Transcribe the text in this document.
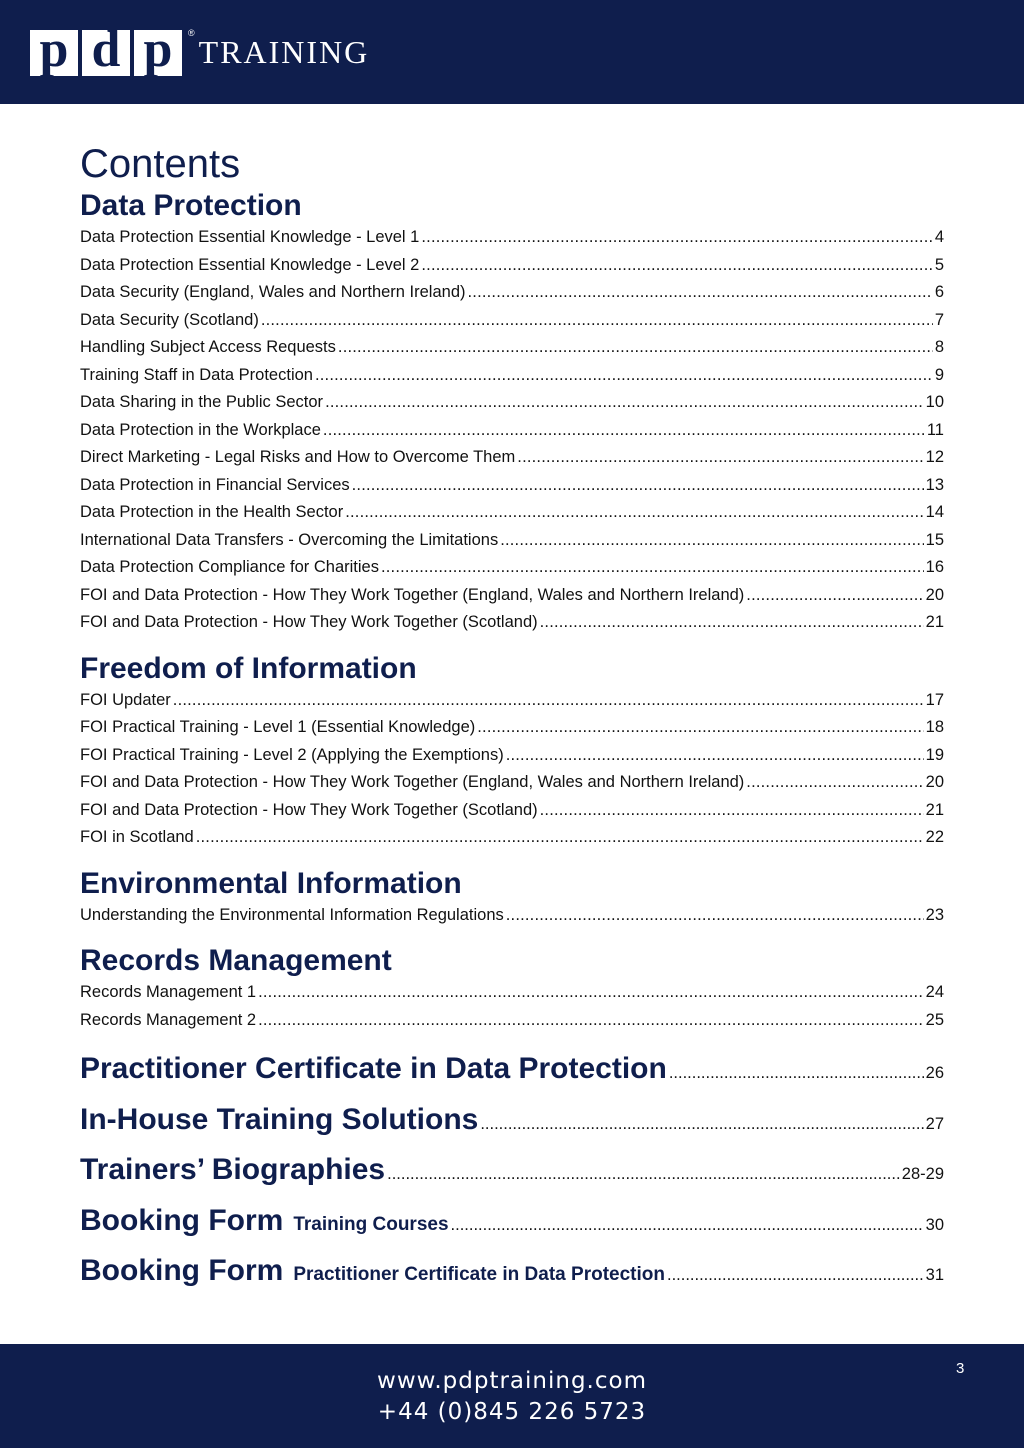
p d p	®
TRAINING
Contents
Data Protection
Data Protection Essential Knowledge - Level 1 .....	4
Data Protection Essential Knowledge - Level 2 .....	5
Data Security (England, Wales and Northern Ireland) .....	6
Data Security (Scotland) .....	7
Handling Subject Access Requests .....	8
Training Staff in Data Protection .....	9
Data Sharing in the Public Sector .....	10
Data Protection in the Workplace .....	11
Direct Marketing - Legal Risks and How to Overcome Them .....	12
Data Protection in Financial Services .....	13
Data Protection in the Health Sector .....	14
International Data Transfers - Overcoming the Limitations .....	15
Data Protection Compliance for Charities .....	16
FOI and Data Protection - How They Work Together (England, Wales and Northern Ireland) .....	20
FOI and Data Protection - How They Work Together (Scotland) .....	21
Freedom of Information
FOI Updater .....	17
FOI Practical Training - Level 1 (Essential Knowledge) .....	18
FOI Practical Training - Level 2 (Applying the Exemptions) .....	19
FOI and Data Protection - How They Work Together (England, Wales and Northern Ireland) .....	20
FOI and Data Protection - How They Work Together (Scotland) .....	21
FOI in Scotland .....	22
Environmental Information
Understanding the Environmental Information Regulations .....	23
Records Management
Records Management 1 .....	24
Records Management 2 .....	25
Practitioner Certificate in Data Protection .....	26
In-House Training Solutions .....	27
Trainers’ Biographies .....	28-29
Booking Form Training Courses .....	30
Booking Form Practitioner Certificate in Data Protection .....	31
www.pdptraining.com
+44 (0)845 226 5723
3
